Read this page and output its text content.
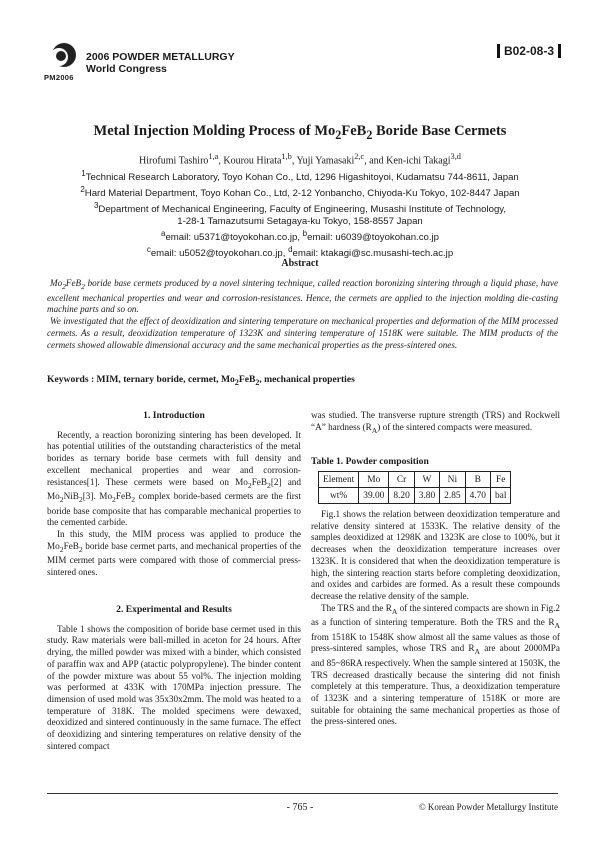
2006 POWDER METALLURGY
World Congress
PM2006
B02-08-3
Metal Injection Molding Process of $Mo_2FeB_2$ Boride Base Cermets
Hirofumi Tashiro$^{1,a}$, Kourou Hirata$^{1,b}$, Yuji Yamasaki$^{2,c}$, and Ken-ichi Takagi$^{3,d}$
$^1$Technical Research Laboratory, Toyo Kohan Co., Ltd, 1296 Higashitoyoi, Kudamatsu 744-8611, Japan
$^2$Hard Material Department, Toyo Kohan Co., Ltd, 2-12 Yonbancho, Chiyoda-Ku Tokyo, 102-8447 Japan
$^3$Department of Mechanical Engineering, Faculty of Engineering, Musashi Institute of Technology,
1-28-1 Tamazutsumi Setagaya-ku Tokyo, 158-8557 Japan
$^a$email: u5371@toyokohan.co.jp, $^b$email: u6039@toyokohan.co.jp
$^c$email: u5052@toyokohan.co.jp, $^d$email: ktakagi@sc.musashi-tech.ac.jp
Abstract

$Mo_2FeB_2$ boride base cermets produced by a novel sintering technique, called reaction boronizing sintering through a liquid phase, have excellent mechanical properties and wear and corrosion-resistances. Hence, the cermets are applied to the injection molding die-casting machine parts and so on.

We investigated that the effect of deoxidization and sintering temperature on mechanical properties and deformation of the MIM processed cermets. As a result, deoxidization temperature of 1323K and sintering temperature of 1518K were suitable. The MIM products of the cermets showed allowable dimensional accuracy and the same mechanical properties as the press-sintered ones.

Keywords : MIM, ternary boride, cermet, $Mo_2FeB_2$, mechanical properties
1. Introduction

Recently, a reaction boronizing sintering has been developed. It has potential utilities of the outstanding characteristics of the metal borides as ternary boride base cermets with full density and excellent mechanical properties and wear and corrosion-resistances[1]. These cermets were based on $Mo_2FeB_2[2]$ and $Mo_2NiB_2[3]$. $Mo_2FeB_2$ complex boride-based cermets are the first boride base composite that has comparable mechanical properties to the cemented carbide.

In this study, the MIM process was applied to produce the $Mo_2FeB_2$ boride base cermet parts, and mechanical properties of the MIM cermet parts were compared with those of commercial press-sintered ones.

2. Experimental and Results

Table 1 shows the composition of boride base cermet used in this study. Raw materials were ball-milled in aceton for 24 hours. After drying, the milled powder was mixed with a binder, which consisted of paraffin wax and APP (atactic polypropylene). The binder content of the powder mixture was about 55 vol%. The injection molding was performed at 433K with 170MPa injection pressure. The dimension of used mold was 35x30x2mm. The mold was heated to a temperature of 318K. The molded specimens were dewaxed, deoxidized and sintered continuously in the same furnace. The effect of deoxidizing and sintering temperatures on relative density of the sintered compact

was studied. The transverse rupture strength (TRS) and Rockwell “A” hardness $(R_A)$ of the sintered compacts were measured.

Table 1. Powder composition
Element	Mo	Cr	W	Ni	B	Fe
wt%	39.00	8.20	3.80	2.85	4.70	bal

Fig.1 shows the relation between deoxidization temperature and relative density sintered at 1533K. The relative density of the samples deoxidized at 1298K and 1323K are close to 100%, but it decreases when the deoxidization temperature increases over 1323K. It is considered that when the deoxidization temperature is high, the sintering reaction starts before completing deoxidization, and oxides and carbides are formed. As a result these compounds decrease the relative density of the sample.

The TRS and the $R_A$ of the sintered compacts are shown in Fig.2 as a function of sintering temperature. Both the TRS and the $R_A$ from 1518K to 1548K show almost all the same values as those of press-sintered samples, whose TRS and $R_A$ are about 2000MPa and 85~86RA respectively. When the sample sintered at 1503K, the TRS decreased drastically because the sintering did not finish completely at this temperature. Thus, a deoxidization temperature of 1323K and a sintering temperature of 1518K or more are suitable for obtaining the same mechanical properties as those of the press-sintered ones.

- 765 -	© Korean Powder Metallurgy Institute
